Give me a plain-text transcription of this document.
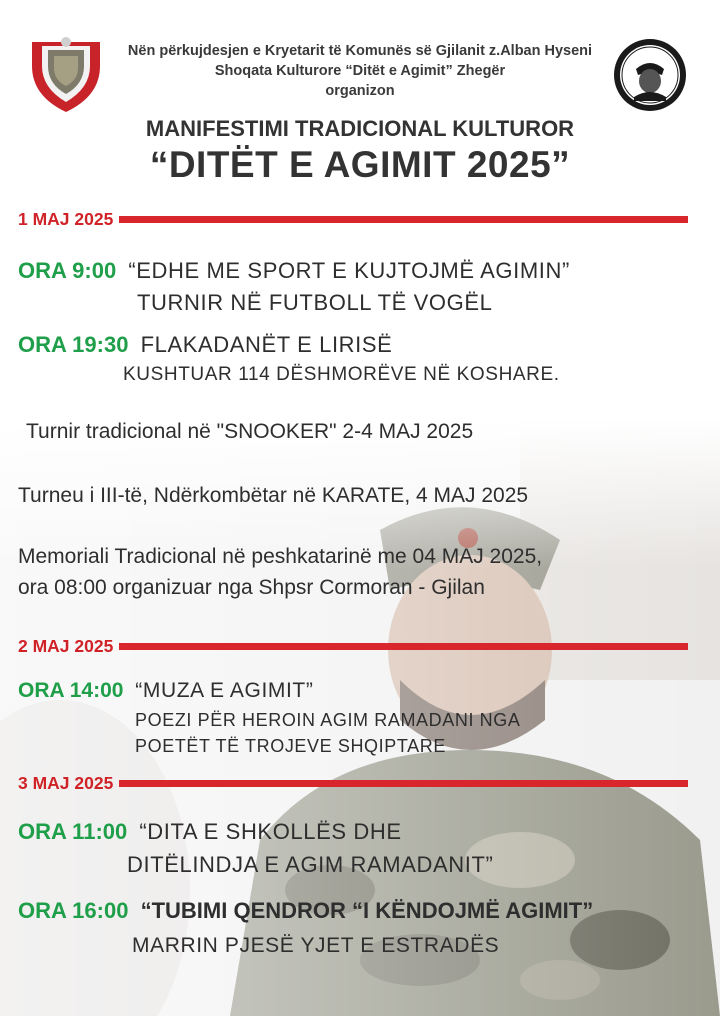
Nën përkujdesjen e Kryetarit të Komunës së Gjilanit z.Alban Hyseni
Shoqata Kulturore “Ditët e Agimit” Zhegër
organizon
MANIFESTIMI TRADICIONAL KULTUROR
“DITËT E AGIMIT 2025”
1 MAJ 2025
ORA 9:00 “EDHE ME SPORT E KUJTOJMË AGIMIN”
TURNIR NË FUTBOLL TË VOGËL
ORA 19:30 FLAKADANËT E LIRISË
KUSHTUAR 114 DËSHMORËVE NË KOSHARE.
Turnir tradicional në "SNOOKER" 2-4 MAJ 2025
Turneu i III-të, Ndërkombëtar në KARATE, 4 MAJ 2025
Memoriali Tradicional në peshkatarinë me 04 MAJ 2025,
ora 08:00 organizuar nga Shpsr Cormoran - Gjilan
2 MAJ 2025
ORA 14:00 “MUZA E AGIMIT”
POEZI PËR HEROIN AGIM RAMADANI NGA
POETËT TË TROJEVE SHQIPTARE
3 MAJ 2025
ORA 11:00 “DITA E SHKOLLËS DHE
DITËLINDJA E AGIM RAMADANIT”
ORA 16:00 “TUBIMI QENDROR “I KËNDOJMË AGIMIT”
MARRIN PJESË YJET E ESTRADËS
